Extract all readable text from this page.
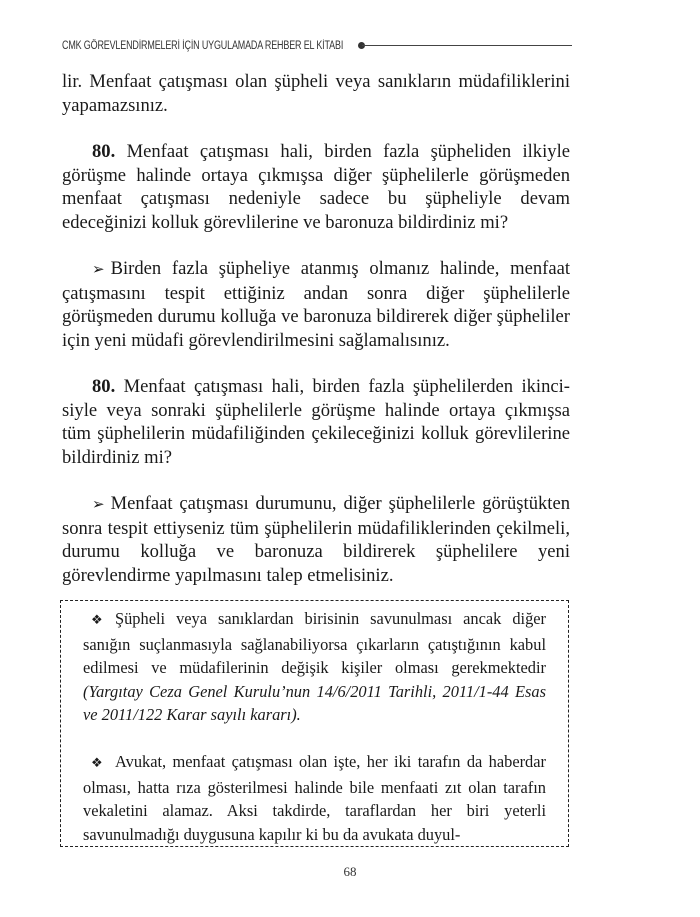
CMK GÖREVLENDİRMELERİ İÇİN UYGULAMADA REHBER EL KİTABI

lir. Menfaat çatışması olan şüpheli veya sanıkların müdafiliklerini yapamazsınız.

80. Menfaat çatışması hali, birden fazla şüpheliden ilkiyle görüşme halinde ortaya çıkmışsa diğer şüphelilerle görüşmeden menfaat çatışması nedeniyle sadece bu şüpheliyle devam edeceğinizi kolluk görevlilerine ve baronuza bildirdiniz mi?

➢ Birden fazla şüpheliye atanmış olmanız halinde, menfaat çatışmasını tespit ettiğiniz andan sonra diğer şüphelilerle görüşmeden durumu kolluğa ve baronuza bildirerek diğer şüpheliler için yeni müdafi görevlendirilmesini sağlamalısınız.

80. Menfaat çatışması hali, birden fazla şüphelilerden ikinci-siyle veya sonraki şüphelilerle görüşme halinde ortaya çıkmışsa tüm şüphelilerin müdafiliğinden çekileceğinizi kolluk görevlilerine bildirdiniz mi?

➢ Menfaat çatışması durumunu, diğer şüphelilerle görüştükten sonra tespit ettiyseniz tüm şüphelilerin müdafiliklerinden çekilmeli, durumu kolluğa ve baronuza bildirerek şüphelilere yeni görevlendirme yapılmasını talep etmelisiniz.

❖ Şüpheli veya sanıklardan birisinin savunulması ancak diğer sanığın suçlanmasıyla sağlanabiliyorsa çıkarların çatıştığının kabul edilmesi ve müdafilerinin değişik kişiler olması gerekmektedir (Yargıtay Ceza Genel Kurulu’nun 14/6/2011 Tarihli, 2011/1-44 Esas ve 2011/122 Karar sayılı kararı).

❖ Avukat, menfaat çatışması olan işte, her iki tarafın da haberdar olması, hatta rıza gösterilmesi halinde bile menfaati zıt olan tarafın vekaletini alamaz. Aksi takdirde, taraflardan her biri yeterli savunulmadığı duygusuna kapılır ki bu da avukata duyul-

68
